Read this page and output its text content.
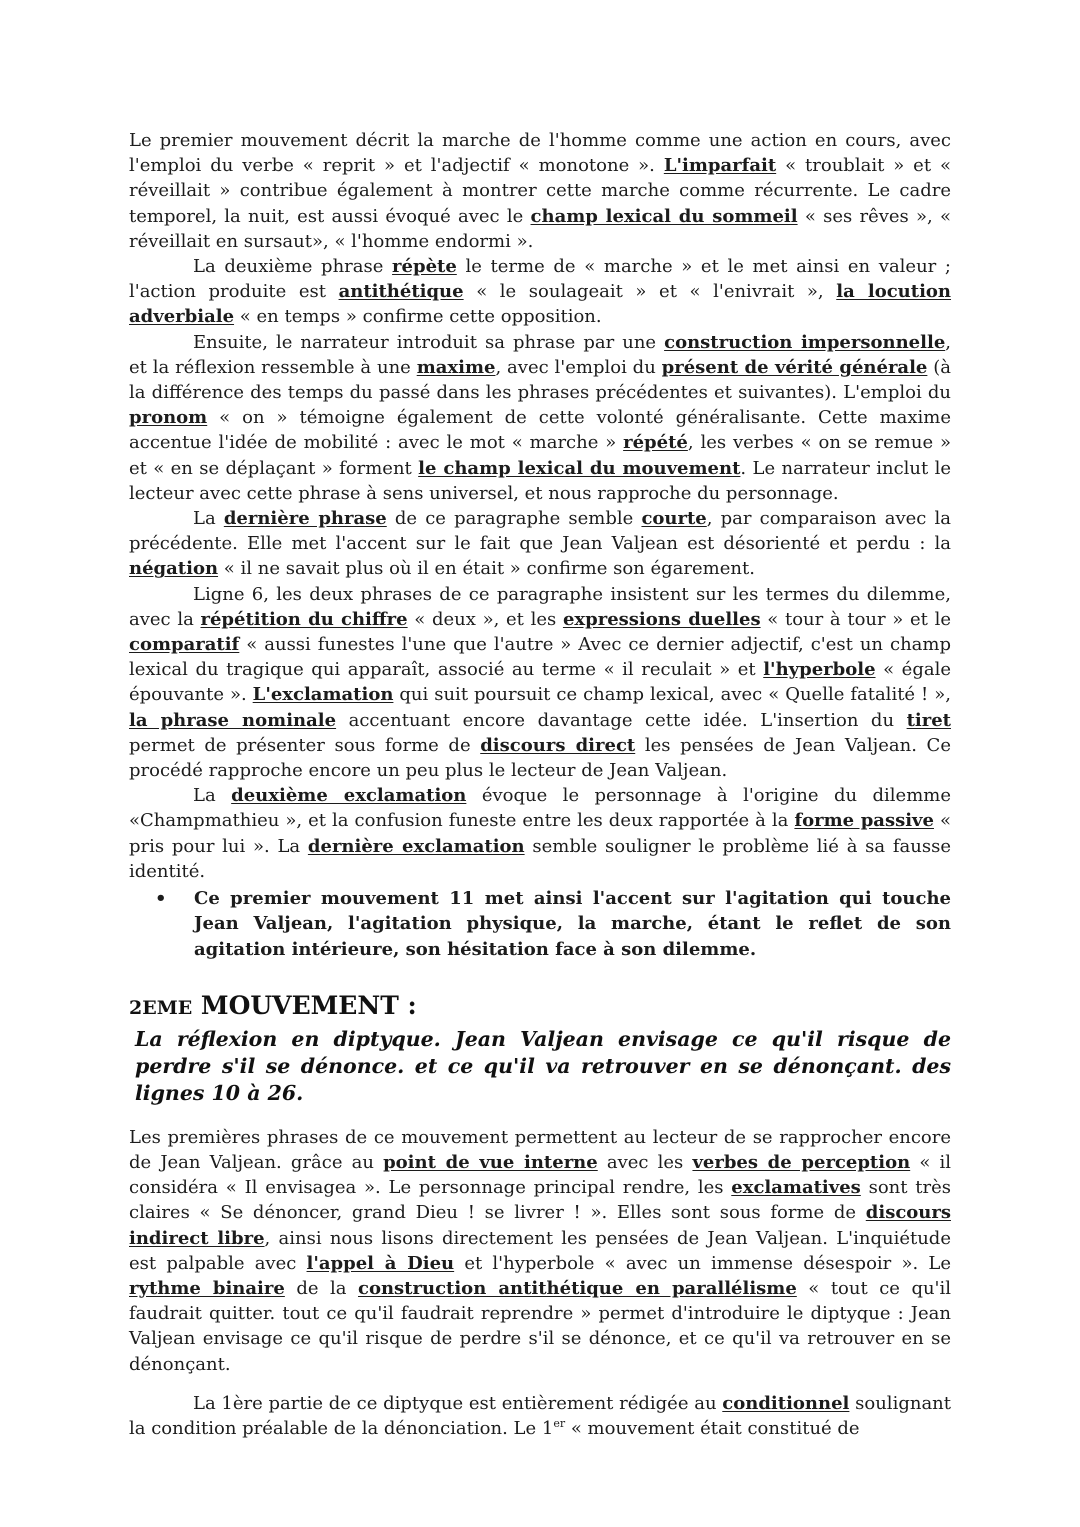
Le premier mouvement décrit la marche de l'homme comme une action en cours, avec l'emploi du verbe « reprit » et l'adjectif « monotone ». L'imparfait « troublait » et « réveillait » contribue également à montrer cette marche comme récurrente. Le cadre temporel, la nuit, est aussi évoqué avec le champ lexical du sommeil « ses rêves », « réveillait en sursaut», « l'homme endormi ».

La deuxième phrase répète le terme de « marche » et le met ainsi en valeur ; l'action produite est antithétique « le soulageait » et « l'enivrait », la locution adverbiale « en temps » confirme cette opposition.

Ensuite, le narrateur introduit sa phrase par une construction impersonnelle, et la réflexion ressemble à une maxime, avec l'emploi du présent de vérité générale (à la différence des temps du passé dans les phrases précédentes et suivantes). L'emploi du pronom « on » témoigne également de cette volonté généralisante. Cette maxime accentue l'idée de mobilité : avec le mot « marche » répété, les verbes « on se remue » et « en se déplaçant » forment le champ lexical du mouvement. Le narrateur inclut le lecteur avec cette phrase à sens universel, et nous rapproche du personnage.

La dernière phrase de ce paragraphe semble courte, par comparaison avec la précédente. Elle met l'accent sur le fait que Jean Valjean est désorienté et perdu : la négation « il ne savait plus où il en était » confirme son égarement.

Ligne 6, les deux phrases de ce paragraphe insistent sur les termes du dilemme, avec la répétition du chiffre « deux », et les expressions duelles « tour à tour » et le comparatif « aussi funestes l'une que l'autre » Avec ce dernier adjectif, c'est un champ lexical du tragique qui apparaît, associé au terme « il reculait » et l'hyperbole « égale épouvante ». L'exclamation qui suit poursuit ce champ lexical, avec « Quelle fatalité ! », la phrase nominale accentuant encore davantage cette idée. L'insertion du tiret permet de présenter sous forme de discours direct les pensées de Jean Valjean. Ce procédé rapproche encore un peu plus le lecteur de Jean Valjean.

La deuxième exclamation évoque le personnage à l'origine du dilemme «Champmathieu », et la confusion funeste entre les deux rapportée à la forme passive « pris pour lui ». La dernière exclamation semble souligner le problème lié à sa fausse identité.

• Ce premier mouvement 11 met ainsi l'accent sur l'agitation qui touche Jean Valjean, l'agitation physique, la marche, étant le reflet de son agitation intérieure, son hésitation face à son dilemme.
2EME MOUVEMENT :
La réflexion en diptyque. Jean Valjean envisage ce qu'il risque de perdre s'il se dénonce. et ce qu'il va retrouver en se dénonçant. des lignes 10 à 26.

Les premières phrases de ce mouvement permettent au lecteur de se rapprocher encore de Jean Valjean. grâce au point de vue interne avec les verbes de perception « il considéra « Il envisagea ». Le personnage principal rendre, les exclamatives sont très claires « Se dénoncer, grand Dieu ! se livrer ! ». Elles sont sous forme de discours indirect libre, ainsi nous lisons directement les pensées de Jean Valjean. L'inquiétude est palpable avec l'appel à Dieu et l'hyperbole « avec un immense désespoir ». Le rythme binaire de la construction antithétique en parallélisme « tout ce qu'il faudrait quitter. tout ce qu'il faudrait reprendre » permet d'introduire le diptyque : Jean Valjean envisage ce qu'il risque de perdre s'il se dénonce, et ce qu'il va retrouver en se dénonçant.

La 1ère partie de ce diptyque est entièrement rédigée au conditionnel soulignant la condition préalable de la dénonciation. Le 1er « mouvement était constitué de
